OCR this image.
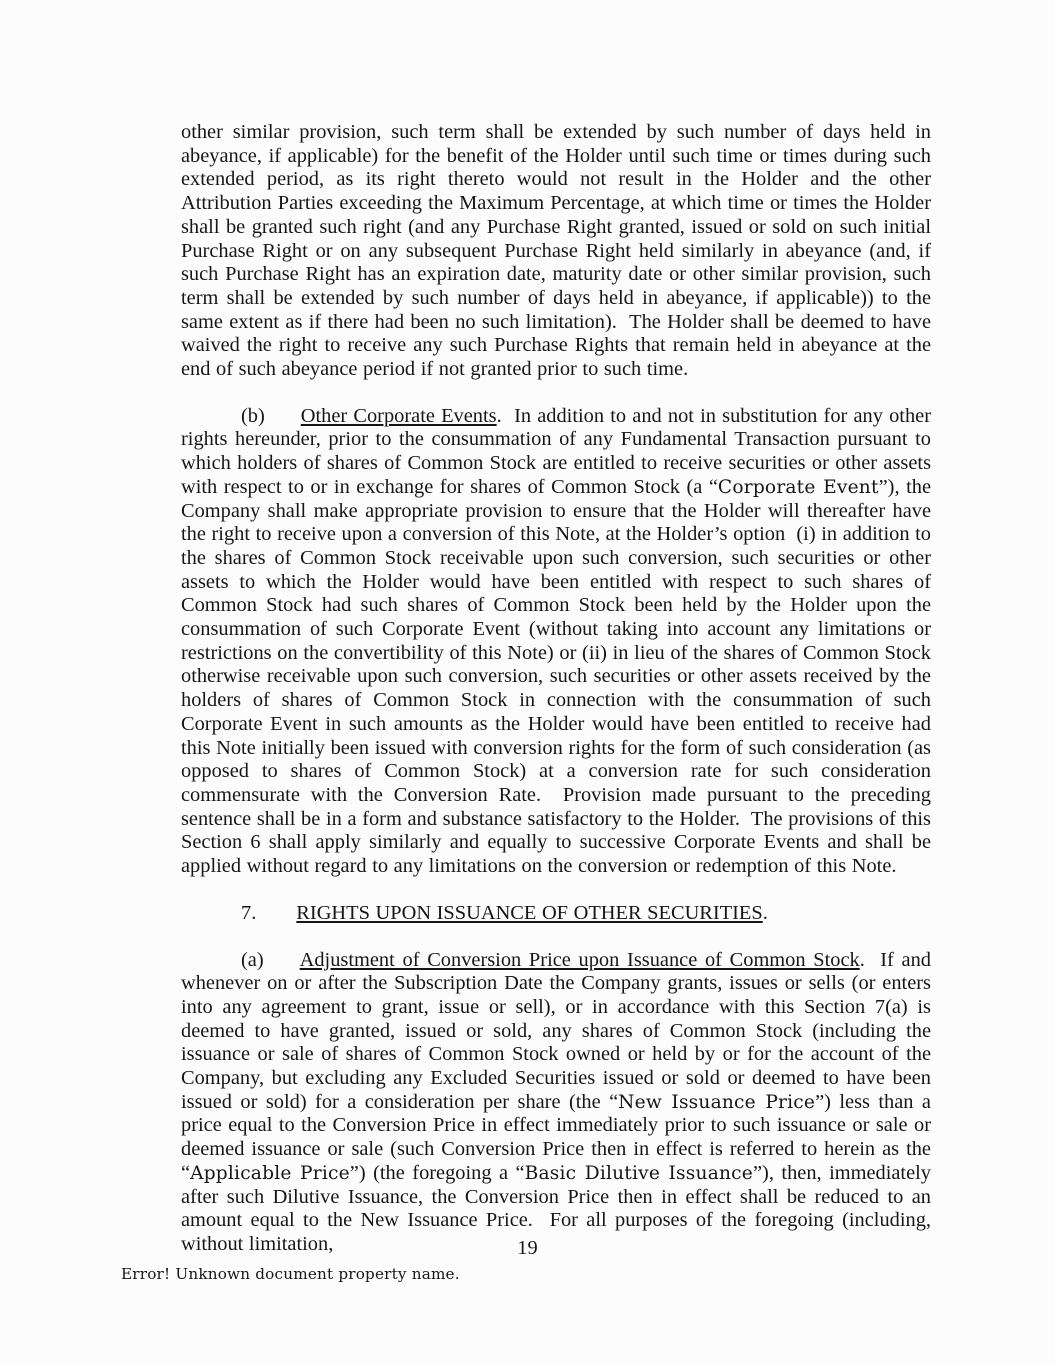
other similar provision, such term shall be extended by such number of days held in abeyance, if applicable) for the benefit of the Holder until such time or times during such extended period, as its right thereto would not result in the Holder and the other Attribution Parties exceeding the Maximum Percentage, at which time or times the Holder shall be granted such right (and any Purchase Right granted, issued or sold on such initial Purchase Right or on any subsequent Purchase Right held similarly in abeyance (and, if such Purchase Right has an expiration date, maturity date or other similar provision, such term shall be extended by such number of days held in abeyance, if applicable)) to the same extent as if there had been no such limitation).  The Holder shall be deemed to have waived the right to receive any such Purchase Rights that remain held in abeyance at the end of such abeyance period if not granted prior to such time.

(b) Other Corporate Events.  In addition to and not in substitution for any other rights hereunder, prior to the consummation of any Fundamental Transaction pursuant to which holders of shares of Common Stock are entitled to receive securities or other assets with respect to or in exchange for shares of Common Stock (a “Corporate Event”), the Company shall make appropriate provision to ensure that the Holder will thereafter have the right to receive upon a conversion of this Note, at the Holder’s option  (i) in addition to the shares of Common Stock receivable upon such conversion, such securities or other assets to which the Holder would have been entitled with respect to such shares of Common Stock had such shares of Common Stock been held by the Holder upon the consummation of such Corporate Event (without taking into account any limitations or restrictions on the convertibility of this Note) or (ii) in lieu of the shares of Common Stock otherwise receivable upon such conversion, such securities or other assets received by the holders of shares of Common Stock in connection with the consummation of such Corporate Event in such amounts as the Holder would have been entitled to receive had this Note initially been issued with conversion rights for the form of such consideration (as opposed to shares of Common Stock) at a conversion rate for such consideration commensurate with the Conversion Rate.  Provision made pursuant to the preceding sentence shall be in a form and substance satisfactory to the Holder.  The provisions of this Section 6 shall apply similarly and equally to successive Corporate Events and shall be applied without regard to any limitations on the conversion or redemption of this Note.

7. RIGHTS UPON ISSUANCE OF OTHER SECURITIES.

(a) Adjustment of Conversion Price upon Issuance of Common Stock.  If and whenever on or after the Subscription Date the Company grants, issues or sells (or enters into any agreement to grant, issue or sell), or in accordance with this Section 7(a) is deemed to have granted, issued or sold, any shares of Common Stock (including the issuance or sale of shares of Common Stock owned or held by or for the account of the Company, but excluding any Excluded Securities issued or sold or deemed to have been issued or sold) for a consideration per share (the “New Issuance Price”) less than a price equal to the Conversion Price in effect immediately prior to such issuance or sale or deemed issuance or sale (such Conversion Price then in effect is referred to herein as the “Applicable Price”) (the foregoing a “Basic Dilutive Issuance”), then, immediately after such Dilutive Issuance, the Conversion Price then in effect shall be reduced to an amount equal to the New Issuance Price.  For all purposes of the foregoing (including, without limitation,	19
Error! Unknown document property name.
